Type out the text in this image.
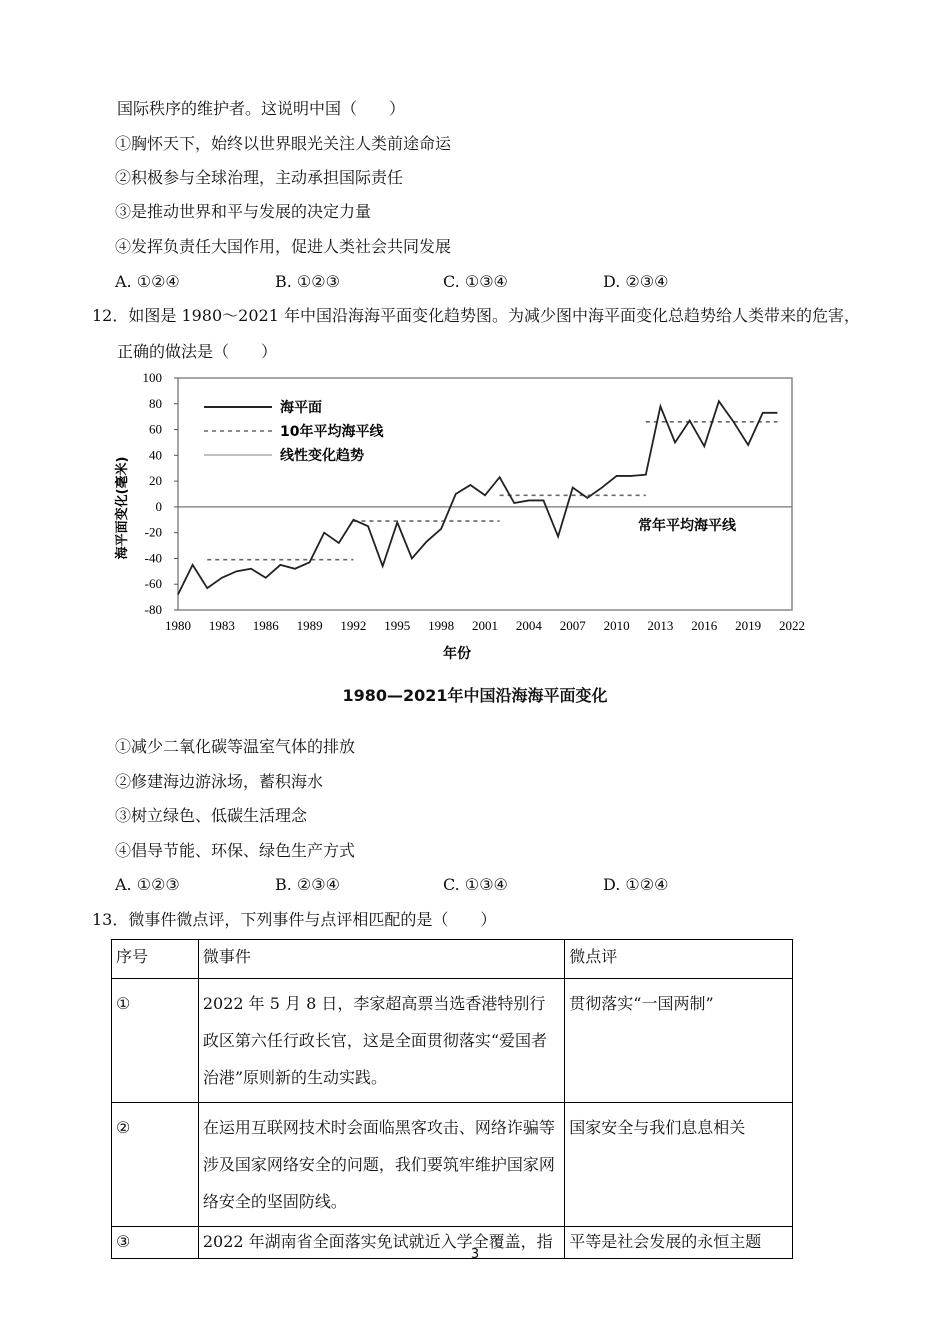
国际秩序的维护者。这说明中国（　　）
①胸怀天下，始终以世界眼光关注人类前途命运
②积极参与全球治理，主动承担国际责任
③是推动世界和平与发展的决定力量
④发挥负责任大国作用，促进人类社会共同发展
A. ①②④	B. ①②③	C. ①③④	D. ②③④
12．如图是 1980～2021 年中国沿海海平面变化趋势图。为减少图中海平面变化总趋势给人类带来的危害，
正确的做法是（　　）
100
80
60
40
20
0
-20
-40
-60
-80
1980 1983 1986 1989 1992 1995 1998 2001 2004 2007 2010 2013 2016 2019 2022
海平面
10年平均海平线
线性变化趋势
常年平均海平线
年份
海平面变化(毫米)
1980—2021年中国沿海海平面变化
①减少二氧化碳等温室气体的排放
②修建海边游泳场，蓄积海水
③树立绿色、低碳生活理念
④倡导节能、环保、绿色生产方式
A. ①②③	B. ②③④	C. ①③④	D. ①②④
13．微事件微点评，下列事件与点评相匹配的是（　　）
序号	微事件	微点评
①	2022 年 5 月 8 日，李家超高票当选香港特别行政区第六任行政长官，这是全面贯彻落实“爱国者治港”原则新的生动实践。	贯彻落实“一国两制”
②	在运用互联网技术时会面临黑客攻击、网络诈骗等涉及国家网络安全的问题，我们要筑牢维护国家网络安全的坚固防线。	国家安全与我们息息相关
③	2022 年湖南省全面落实免试就近入学全覆盖，指	平等是社会发展的永恒主题
3
